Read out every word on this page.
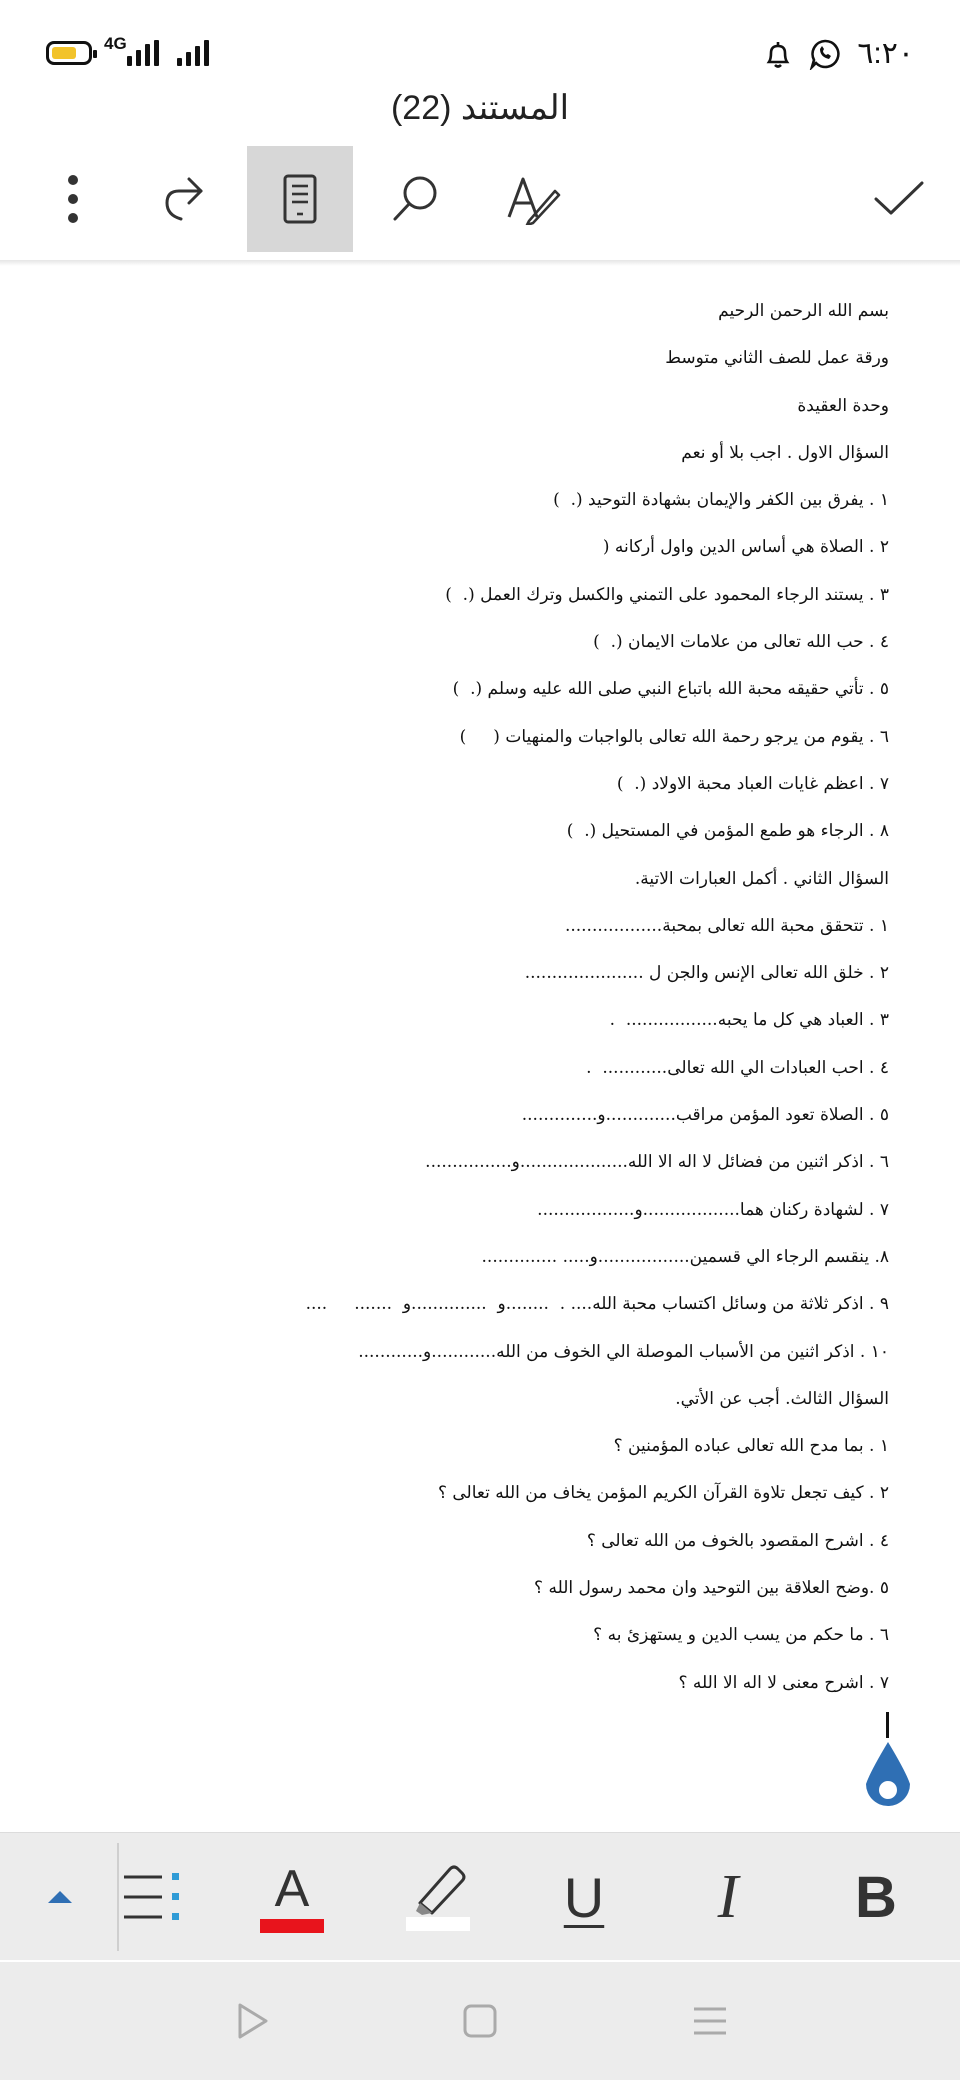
4G	٦:٢٠
المستند (22)
بسم الله الرحمن الرحيم
ورقة عمل للصف الثاني متوسط
وحدة العقيدة
السؤال الاول . اجب بلا أو نعم
١ . يفرق بين الكفر والإيمان بشهادة التوحيد (.  )
٢ . الصلاة هي أساس الدين واول أركانه (
٣ . يستند الرجاء المحمود على التمني والكسل وترك العمل (.  )
٤ . حب الله تعالى من علامات الايمان (.  )
٥ . تأتي حقيقه محبة الله باتباع النبي صلى الله عليه وسلم (.  )
٦ . يقوم من يرجو رحمة الله تعالى بالواجبات والمنهيات (     )
٧ . اعظم غايات العباد محبة الاولاد (.  )
٨ . الرجاء هو طمع المؤمن في المستحيل (.  )
السؤال الثاني . أكمل العبارات الاتية.
١ . تتحقق محبة الله تعالى بمحبة..................
٢ . خلق الله تعالى الإنس والجن ل ......................
٣ . العباد هي كل ما يحبه.................  .
٤ . احب العبادات الي الله تعالى............  .
٥ . الصلاة تعود المؤمن مراقب.............و..............
٦ . اذكر اثنين من فضائل لا اله الا الله....................و................
٧ . لشهادة ركنان هما..................و..................
٨. ينقسم الرجاء الي قسمين.................و..... ..............
٩ . اذكر ثلاثة من وسائل اكتساب محبة الله.... .  ........و  ..............و  .......     ....
١٠ . اذكر اثنين من الأسباب الموصلة الي الخوف من الله............و............
السؤال الثالث. أجب عن الأتي.
١ . بما مدح الله تعالى عباده المؤمنين ؟
٢ . كيف تجعل تلاوة القرآن الكريم المؤمن يخاف من الله تعالى ؟
٤ . اشرح المقصود بالخوف من الله تعالى ؟
٥ .وضح العلاقة بين التوحيد وان محمد رسول الله ؟
٦ . ما حكم من يسب الدين و يستهزئ به ؟
٧ . اشرح معنى لا اله الا الله ؟
A	U I B
